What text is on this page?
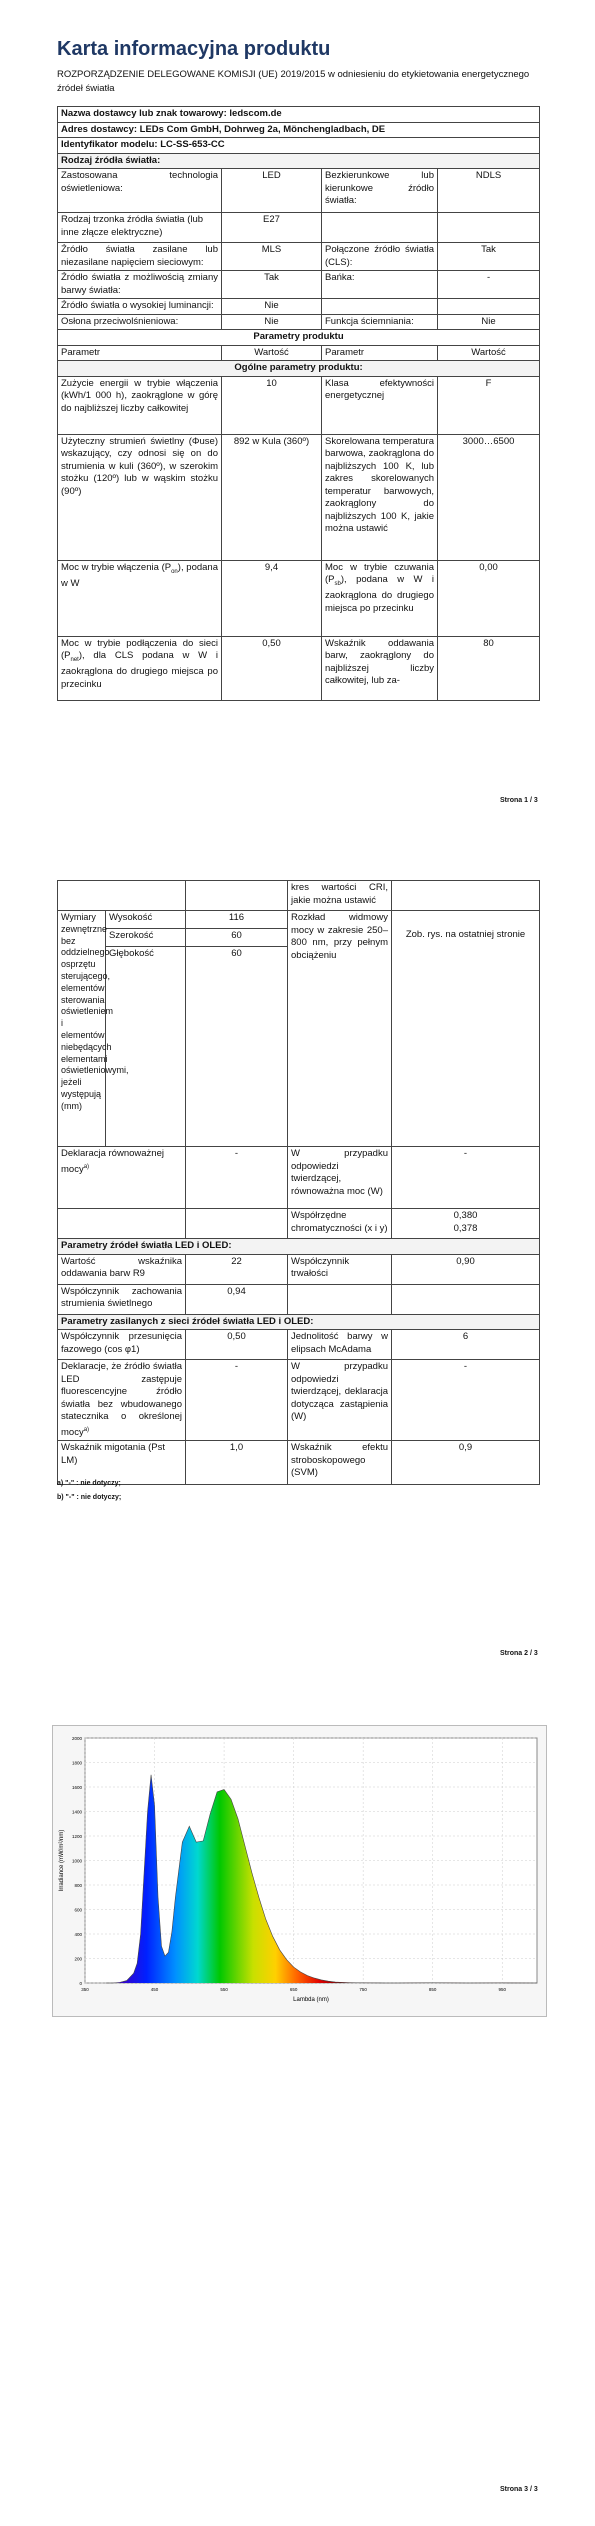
Karta informacyjna produktu
ROZPORZĄDZENIE DELEGOWANE KOMISJI (UE) 2019/2015 w odniesieniu do etykietowania energetycznego źródeł światła
Nazwa dostawcy lub znak towarowy: ledscom.de			
Adres dostawcy: LEDs Com GmbH, Dohrweg 2a, Mönchengladbach, DE			
Identyfikator modelu: LC-SS-653-CC			
Rodzaj źródła światła:			
Zastosowana technologia oświetleniowa:	LED	Bezkierunkowe lub kierunkowe źródło światła:	NDLS
Rodzaj trzonka źródła światła (lub inne złącze elektryczne)	E27		
Źródło światła zasilane lub niezasilane napięciem sieciowym:	MLS	Połączone źródło światła (CLS):	Tak
Źródło światła z możliwością zmiany barwy światła:	Tak	Bańka:	-
Źródło światła o wysokiej luminancji:	Nie		
Osłona przeciwolśnieniowa:	Nie	Funkcja ściemniania:	Nie
Parametry produktu			
Parametr	Wartość	Parametr	Wartość
Ogólne parametry produktu:			
Zużycie energii w trybie włączenia (kWh/1 000 h), zaokrąglone w górę do najbliższej liczby całkowitej	10	Klasa efektywności energetycznej	F
Użyteczny strumień świetlny (Φuse) wskazujący, czy odnosi się on do strumienia w kuli (360º), w szerokim stożku (120º) lub w wąskim stożku (90º)	892 w Kula (360º)	Skorelowana temperatura barwowa, zaokrąglona do najbliższych 100 K, lub zakres skorelowanych temperatur barwowych, zaokrąglony do najbliższych 100 K, jakie można ustawić	3000…6500
Moc w trybie włączenia $(P_{on})$, podana w W	9,4	Moc w trybie czuwania $(P_{sb})$, podana w W i zaokrąglona do drugiego miejsca po przecinku	0,00
Moc w trybie podłączenia do sieci $(P_{net})$, dla CLS podana w W i zaokrąglona do drugiego miejsca po przecinku	0,50	Wskaźnik oddawania barw, zaokrąglony do najbliższej liczby całkowitej, lub za-	80
Strona 1 / 3
			kres wartości CRI, jakie można ustawić	
Wymiary zewnętrzne bez oddzielnego osprzętu sterującego, elementów sterowania oświetleniem i elementów niebędących elementami oświetleniowymi, jeżeli występują (mm)	Wysokość	116	Rozkład widmowy mocy w zakresie 250–800 nm, przy pełnym obciążeniu	Zob. rys. na ostatniej stronie
	Szerokość	60		
	Głębokość	60		
Deklaracja równoważnej mocy$^{a)}$		-	W przypadku odpowiedzi twierdzącej, równoważna moc (W)	-
			Współrzędne chromatyczności (x i y)	0,380
0,378

Parametry źródeł światła LED i OLED:				
Wartość wskaźnika oddawania barw R9		22	Współczynnik trwałości	0,90
Współczynnik zachowania strumienia świetlnego		0,94		
Parametry zasilanych z sieci źródeł światła LED i OLED:				
Współczynnik przesunięcia fazowego (cos φ1)		0,50	Jednolitość barwy w elipsach McAdama	6
Deklaracje, że źródło światła LED zastępuje fluorescencyjne źródło światła bez wbudowanego statecznika o określonej mocy$^{a)}$		-	W przypadku odpowiedzi twierdzącej, deklaracja dotycząca zastąpienia (W)	-
Wskaźnik migotania (Pst LM)		1,0	Wskaźnik efektu stroboskopowego (SVM)	0,9
a) "-" : nie dotyczy;
b) "-" : nie dotyczy;
Strona 2 / 3
0
200
400
600
800
1000
1200
1400
1600
1800
2000
350	450	550	650	750	850	950
Lambda (nm)
Irradiance (mW/m²/nm)
Strona 3 / 3
